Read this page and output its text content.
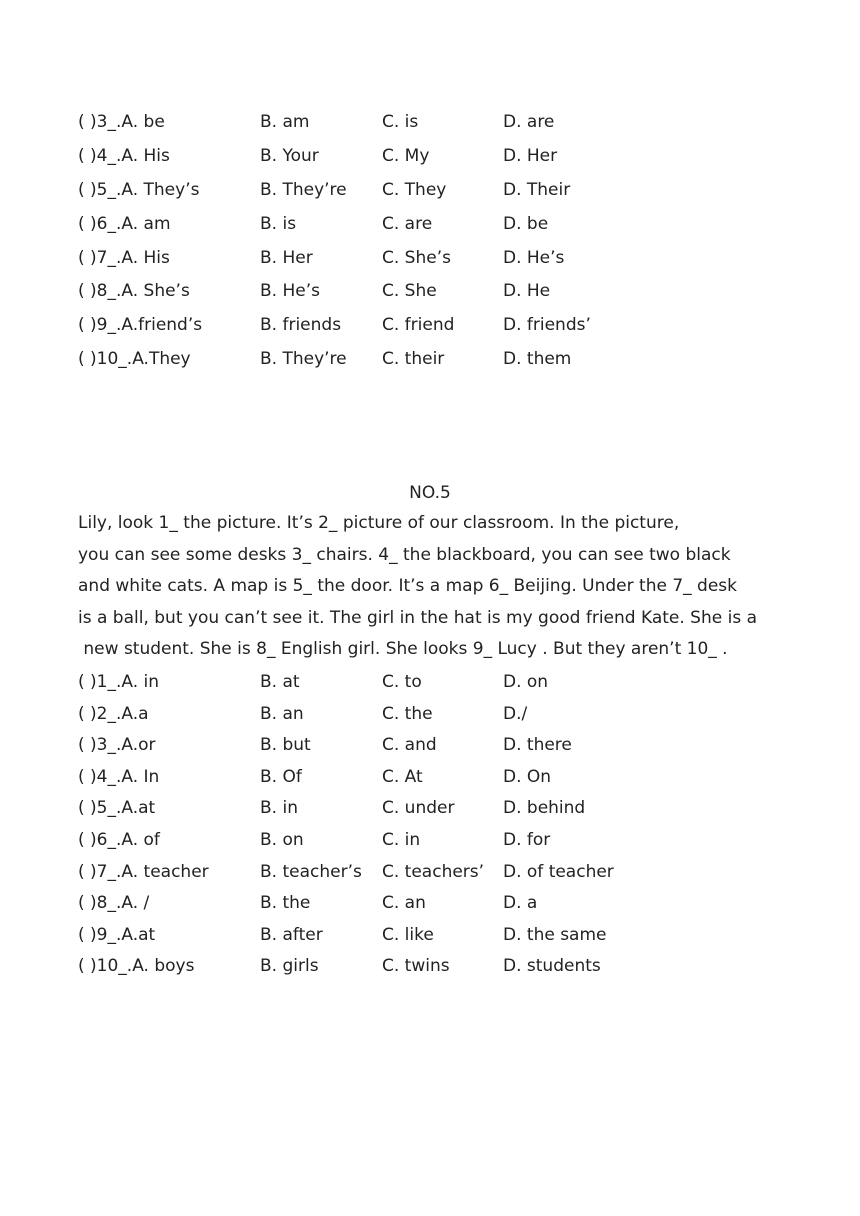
( )3_.A. be	B. am	C. is	D. are
( )4_.A. His	B. Your	C. My	D. Her
( )5_.A. They’s	B. They’re C. They	D. Their
( )6_.A. am	B. is	C. are	D. be
( )7_.A. His	B. Her	C. She’s	D. He’s
( )8_.A. She’s	B. He’s	C. She	D. He
( )9_.A.friend’s	B. friends C. friend	D. friends’
( )10_.A.They	B. They’re C. their	D. them
NO.5
Lily, look 1_ the picture. It’s 2_ picture of our classroom. In the picture,
you can see some desks 3_ chairs. 4_ the blackboard, you can see two black
and white cats. A map is 5_ the door. It’s a map 6_ Beijing. Under the 7_ desk
is a ball, but you can’t see it. The girl in the hat is my good friend Kate. She is a
new student. She is 8_ English girl. She looks 9_ Lucy . But they aren’t 10_ .
( )1_.A. in	B. at	C. to	D. on
( )2_.A.a	B. an	C. the	D./
( )3_.A.or	B. but	C. and	D. there
( )4_.A. In	B. Of	C. At	D. On
( )5_.A.at	B. in	C. under	D. behind
( )6_.A. of	B. on	C. in	D. for
( )7_.A. teacher	B. teacher’s C. teachers’ D. of teacher
( )8_.A. /	B. the	C. an	D. a
( )9_.A.at	B. after	C. like	D. the same
( )10_.A. boys	B. girls	C. twins	D. students
